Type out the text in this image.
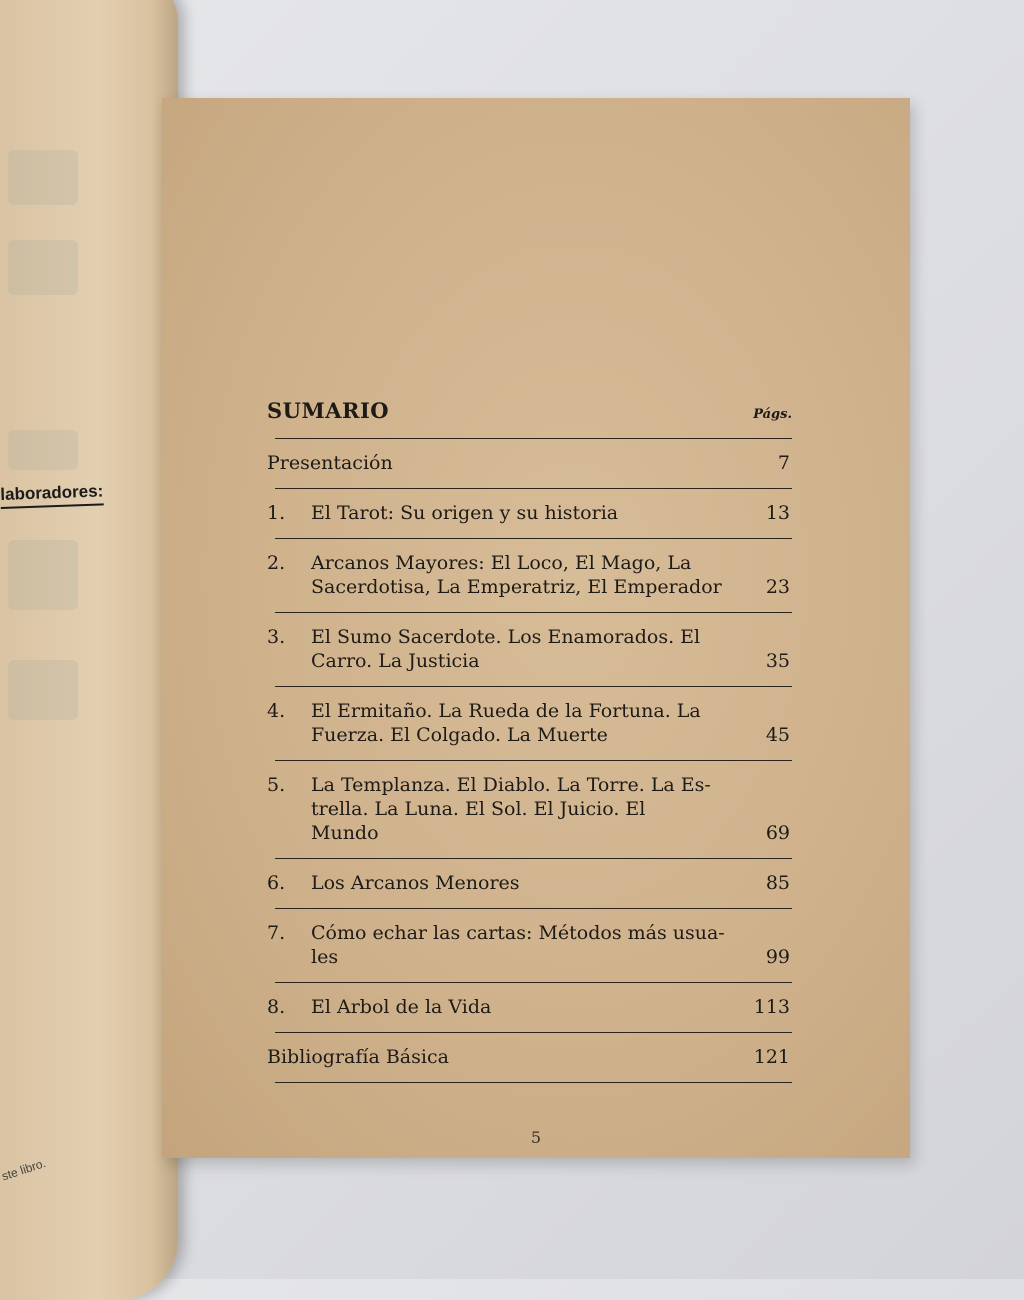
laboradores:
ste libro.
SUMARIO	Págs.
Presentación	7
1.	El Tarot: Su origen y su historia	13
2.	Arcanos Mayores: El Loco, El Mago, La
Sacerdotisa, La Emperatriz, El Emperador	23
3.	El Sumo Sacerdote. Los Enamorados. El
Carro. La Justicia	35
4.	El Ermitaño. La Rueda de la Fortuna. La
Fuerza. El Colgado. La Muerte	45
5.	La Templanza. El Diablo. La Torre. La Es-
trella. La Luna. El Sol. El Juicio. El
Mundo	69
6.	Los Arcanos Menores	85
7.	Cómo echar las cartas: Métodos más usua-
les	99
8.	El Arbol de la Vida	113
Bibliografía Básica	121
5
